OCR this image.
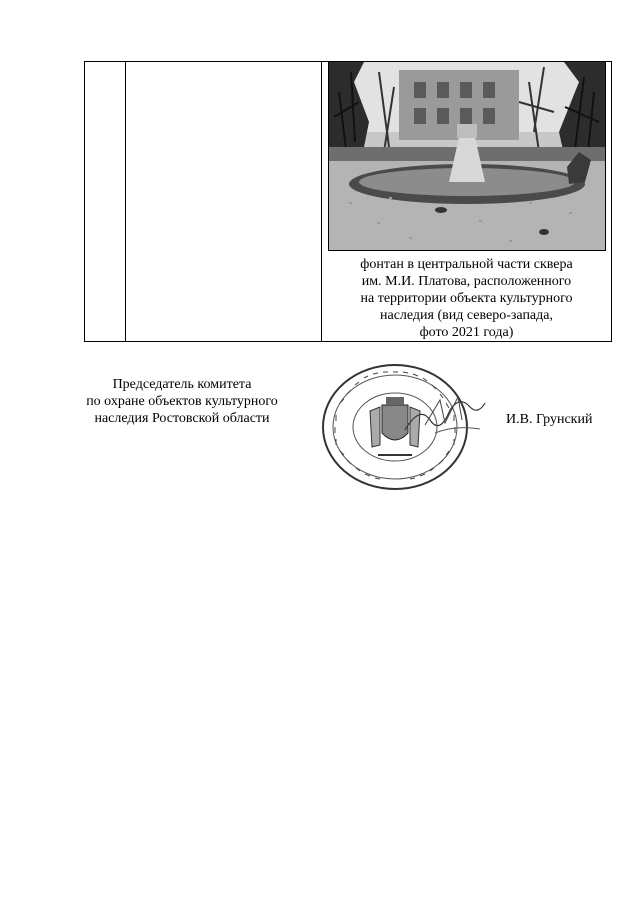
фонтан в центральной части сквера
им. М.И. Платова, расположенного
на территории объекта культурного
наследия (вид северо-запада,
фото 2021 года)
Председатель комитета
по охране объектов культурного
наследия Ростовской области	И.В. Грунский
